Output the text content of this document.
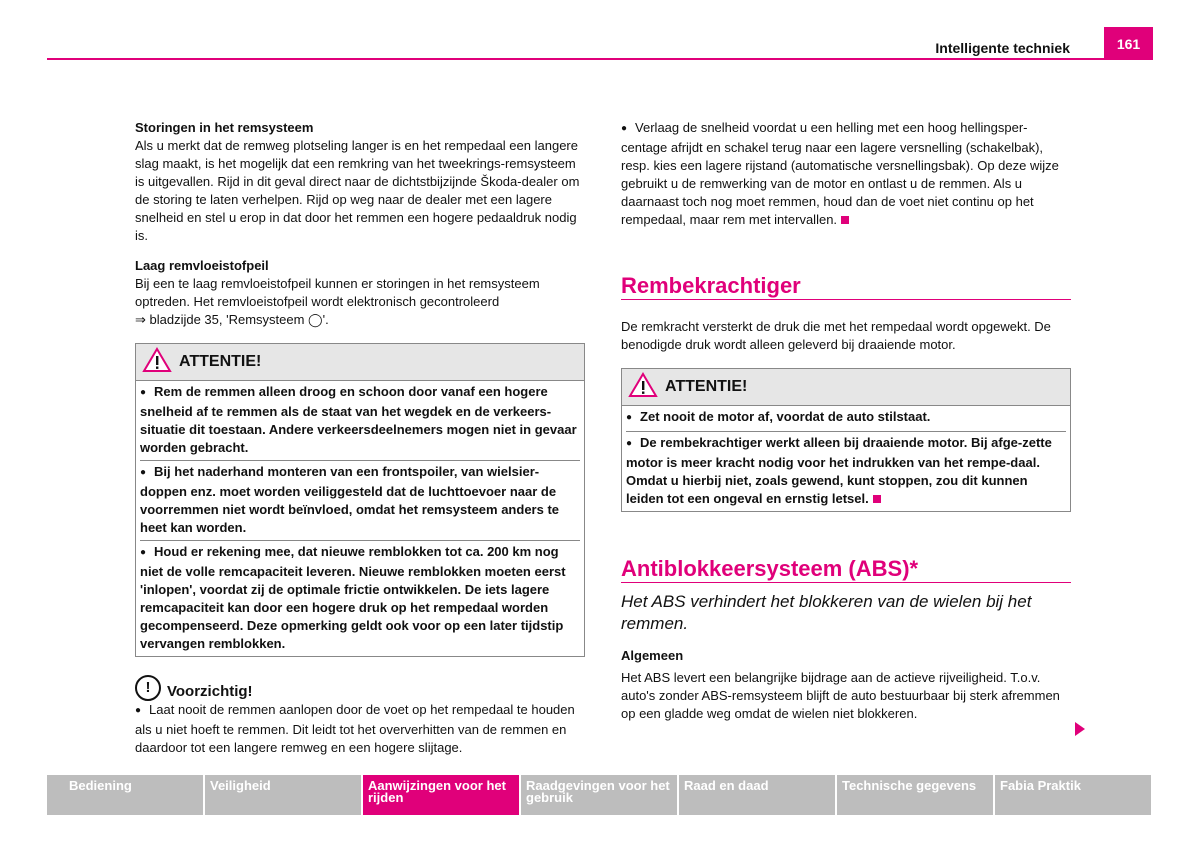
Intelligente techniek	161

Storingen in het remsysteem

Als u merkt dat de remweg plotseling langer is en het rempedaal een langere slag maakt, is het mogelijk dat een remkring van het tweekrings-remsysteem is uitgevallen. Rijd in dit geval direct naar de dichtstbijzijnde Škoda-dealer om de storing te laten verhelpen. Rijd op weg naar de dealer met een lagere snelheid en stel u erop in dat door het remmen een hogere pedaaldruk nodig is.

Laag remvloeistofpeil

Bij een te laag remvloeistofpeil kunnen er storingen in het remsysteem optreden. Het remvloeistofpeil wordt elektronisch gecontroleerd

⇒ bladzijde 35, 'Remsysteem ◯'.

ATTENTIE!
● Rem de remmen alleen droog en schoon door vanaf een hogere snelheid af te remmen als de staat van het wegdek en de verkeers-situatie dit toestaan. Andere verkeersdeelnemers mogen niet in gevaar worden gebracht.
● Bij het naderhand monteren van een frontspoiler, van wielsier-doppen enz. moet worden veiliggesteld dat de luchttoevoer naar de voorremmen niet wordt beïnvloed, omdat het remsysteem anders te heet kan worden.
● Houd er rekening mee, dat nieuwe remblokken tot ca. 200 km nog niet de volle remcapaciteit leveren. Nieuwe remblokken moeten eerst 'inlopen', voordat zij de optimale frictie ontwikkelen. De iets lagere remcapaciteit kan door een hogere druk op het rempedaal worden gecompenseerd. Deze opmerking geldt ook voor op een later tijdstip vervangen remblokken.
!	Voorzichtig!

● Laat nooit de remmen aanlopen door de voet op het rempedaal te houden als u niet hoeft te remmen. Dit leidt tot het oververhitten van de remmen en daardoor tot een langere remweg en een hogere slijtage.

● Verlaag de snelheid voordat u een helling met een hoog hellingsper-centage afrijdt en schakel terug naar een lagere versnelling (schakelbak), resp. kies een lagere rijstand (automatische versnellingsbak). Op deze wijze gebruikt u de remwerking van de motor en ontlast u de remmen. Als u daarnaast toch nog moet remmen, houd dan de voet niet continu op het rempedaal, maar rem met intervallen.

Rembekrachtiger

De remkracht versterkt de druk die met het rempedaal wordt opgewekt. De benodigde druk wordt alleen geleverd bij draaiende motor.

ATTENTIE!
● Zet nooit de motor af, voordat de auto stilstaat.
● De rembekrachtiger werkt alleen bij draaiende motor. Bij afge-zette motor is meer kracht nodig voor het indrukken van het rempe-daal. Omdat u hierbij niet, zoals gewend, kunt stoppen, zou dit kunnen leiden tot een ongeval en ernstig letsel.
Antiblokkeersysteem (ABS)*

Het ABS verhindert het blokkeren van de wielen bij het remmen.

Algemeen

Het ABS levert een belangrijke bijdrage aan de actieve rijveiligheid. T.o.v. auto's zonder ABS-remsysteem blijft de auto bestuurbaar bij sterk afremmen op een gladde weg omdat de wielen niet blokkeren.

Bediening	Veiligheid	Aanwijzingen voor het rijden
Raadgevingen voor het gebruik
Raad en daad	Technische gegevens	Fabia Praktik
